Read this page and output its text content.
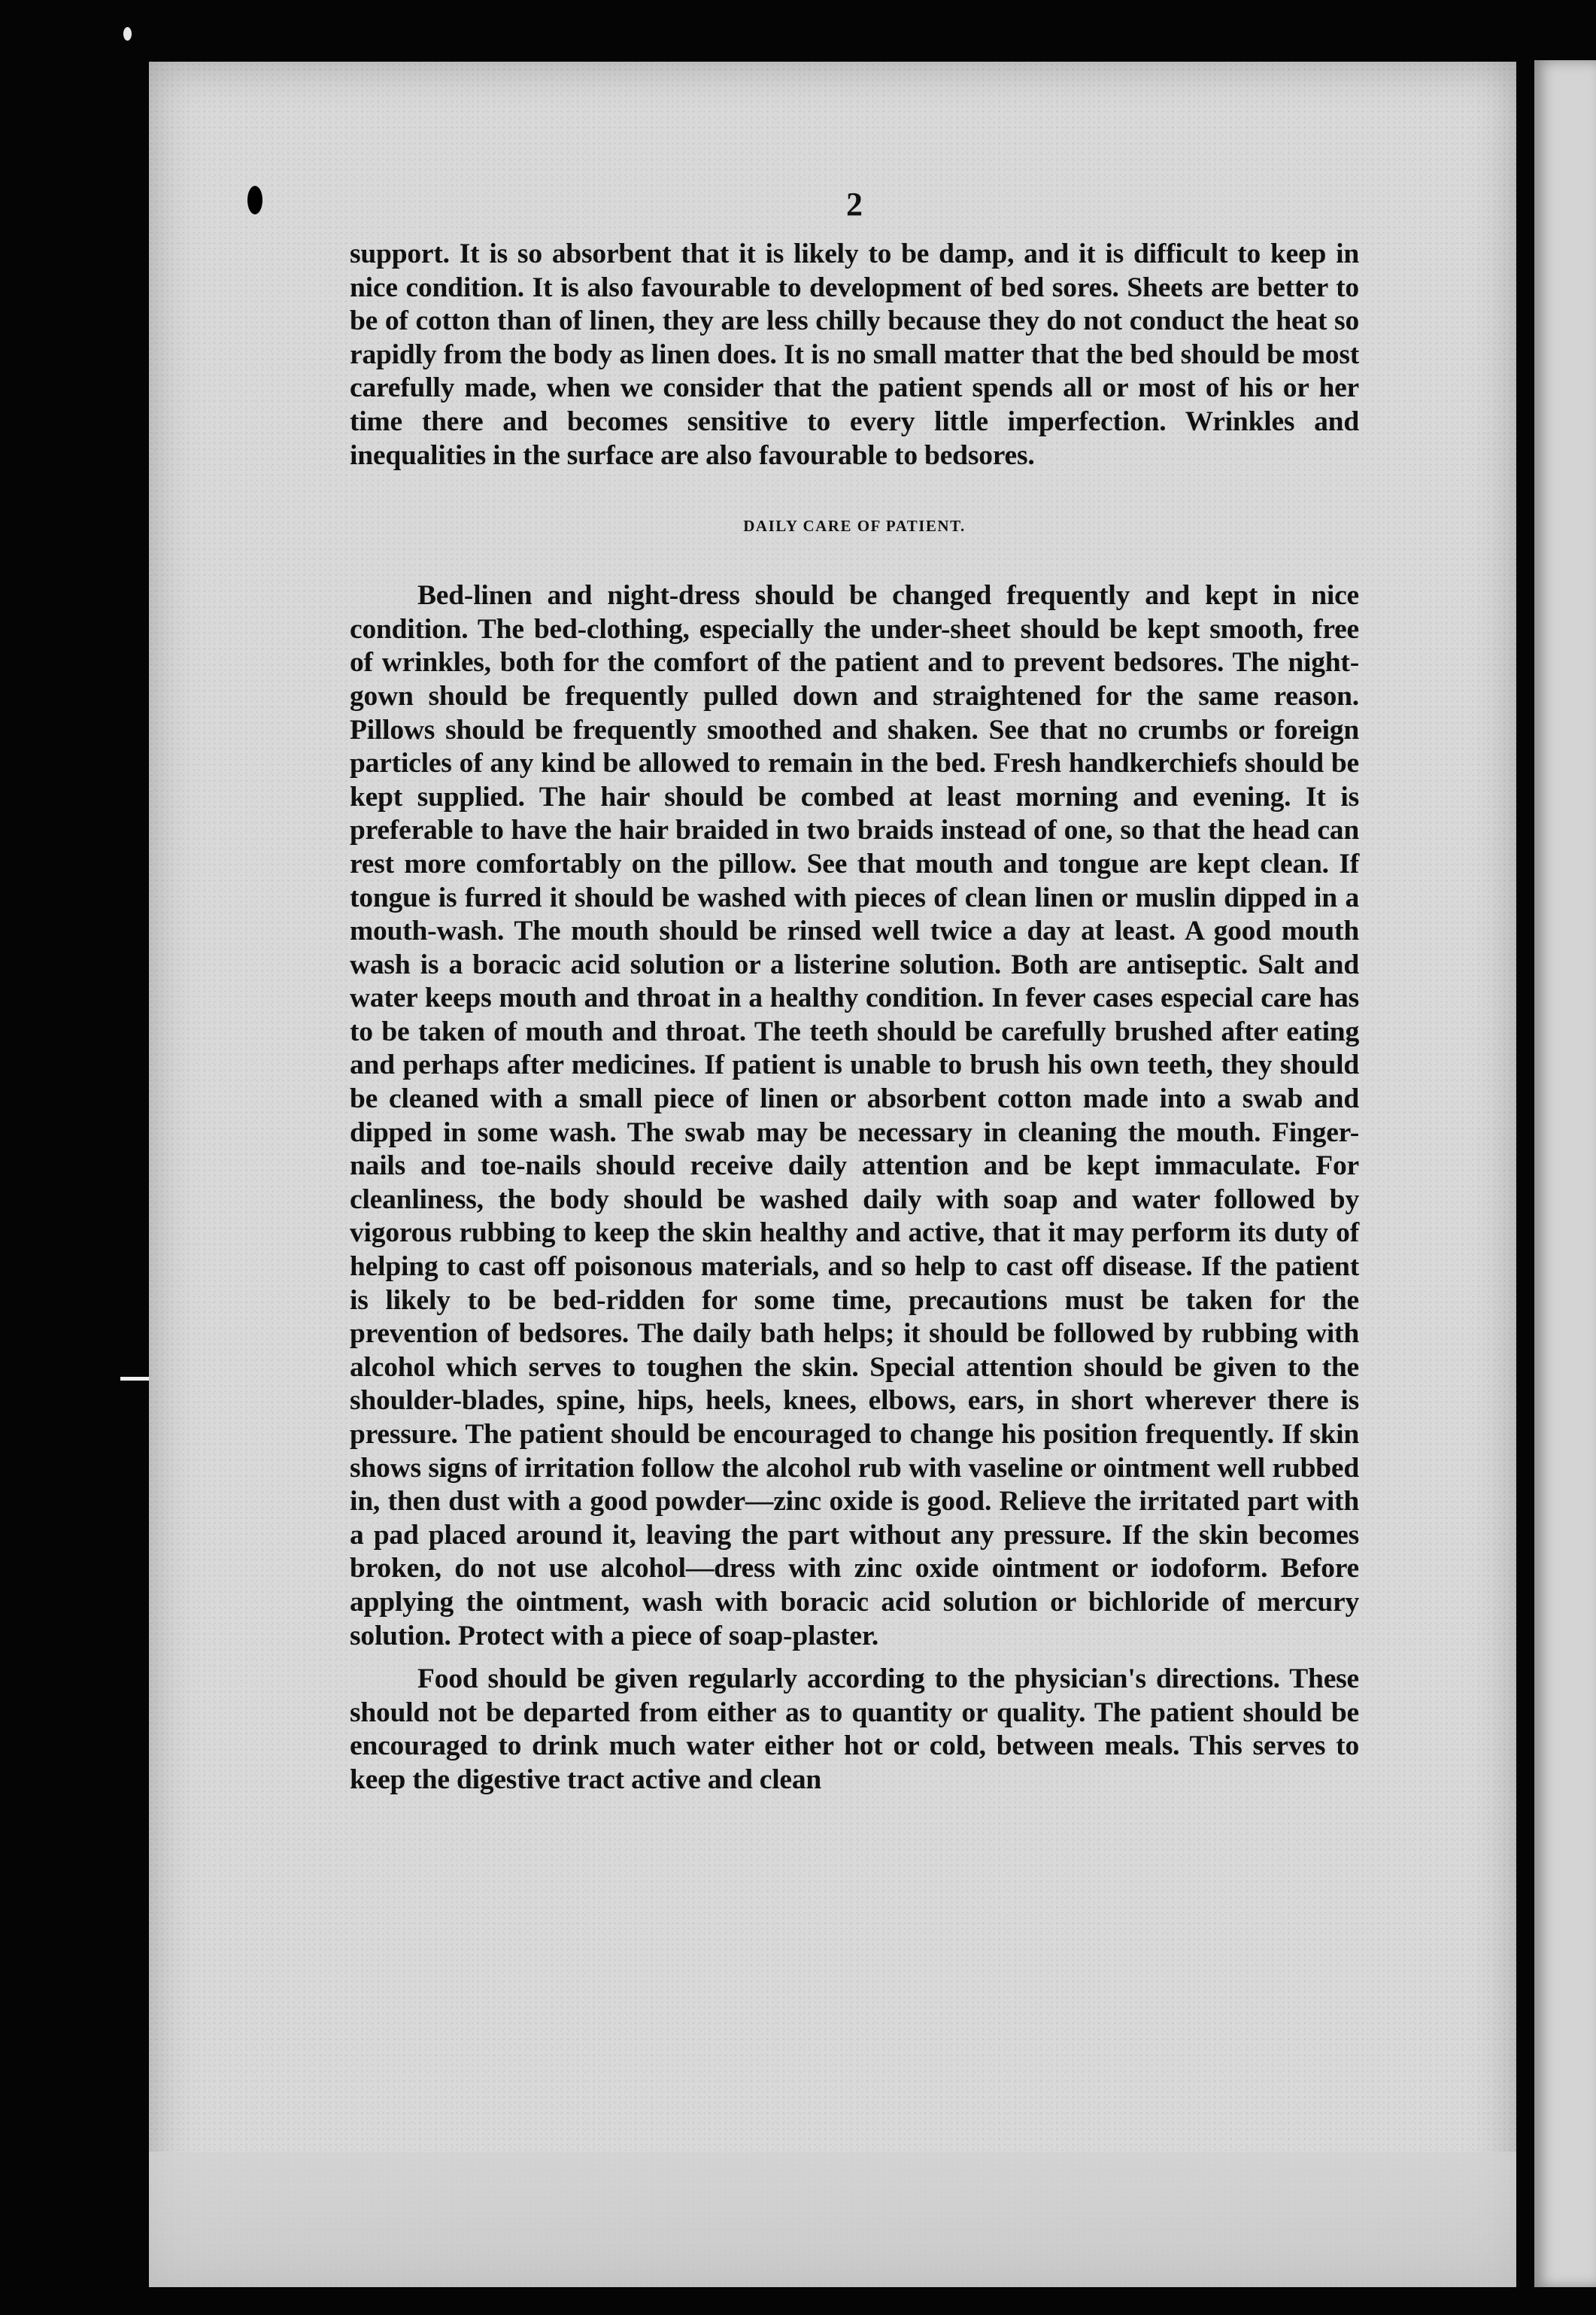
2

support. It is so absorbent that it is likely to be damp, and it is difficult to keep in nice condition. It is also favourable to development of bed sores. Sheets are better to be of cotton than of linen, they are less chilly because they do not conduct the heat so rapidly from the body as linen does. It is no small matter that the bed should be most carefully made, when we consider that the patient spends all or most of his or her time there and becomes sensitive to every little imperfection. Wrinkles and inequalities in the surface are also favourable to bedsores.

DAILY CARE OF PATIENT.

Bed-linen and night-dress should be changed frequently and kept in nice condition. The bed-clothing, especially the under-sheet should be kept smooth, free of wrinkles, both for the comfort of the patient and to prevent bedsores. The night-gown should be frequently pulled down and straightened for the same reason. Pillows should be frequently smoothed and shaken. See that no crumbs or foreign particles of any kind be allowed to remain in the bed. Fresh handkerchiefs should be kept supplied. The hair should be combed at least morning and evening. It is preferable to have the hair braided in two braids instead of one, so that the head can rest more comfortably on the pillow. See that mouth and tongue are kept clean. If tongue is furred it should be washed with pieces of clean linen or muslin dipped in a mouth-wash. The mouth should be rinsed well twice a day at least. A good mouth wash is a boracic acid solution or a listerine solution. Both are antiseptic. Salt and water keeps mouth and throat in a healthy condition. In fever cases especial care has to be taken of mouth and throat. The teeth should be carefully brushed after eating and perhaps after medicines. If patient is unable to brush his own teeth, they should be cleaned with a small piece of linen or absorbent cotton made into a swab and dipped in some wash. The swab may be necessary in cleaning the mouth. Finger-nails and toe-nails should receive daily attention and be kept immaculate. For cleanliness, the body should be washed daily with soap and water followed by vigorous rubbing to keep the skin healthy and active, that it may perform its duty of helping to cast off poisonous materials, and so help to cast off disease. If the patient is likely to be bed-ridden for some time, precautions must be taken for the prevention of bedsores. The daily bath helps; it should be followed by rubbing with alcohol which serves to toughen the skin. Special attention should be given to the shoulder-blades, spine, hips, heels, knees, elbows, ears, in short wherever there is pressure. The patient should be encouraged to change his position frequently. If skin shows signs of irritation follow the alcohol rub with vaseline or ointment well rubbed in, then dust with a good powder—zinc oxide is good. Relieve the irritated part with a pad placed around it, leaving the part without any pressure. If the skin becomes broken, do not use alcohol—dress with zinc oxide ointment or iodoform. Before applying the ointment, wash with boracic acid solution or bichloride of mercury solution. Protect with a piece of soap-plaster.

Food should be given regularly according to the physician's directions. These should not be departed from either as to quantity or quality. The patient should be encouraged to drink much water either hot or cold, between meals. This serves to keep the digestive tract active and clean
